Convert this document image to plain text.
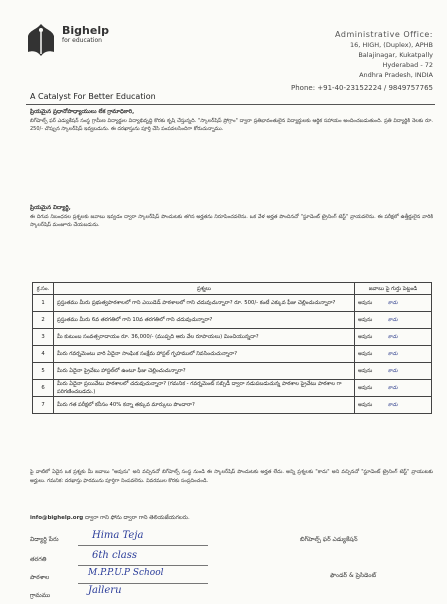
Bighelp
for education
Administrative Office:
16, HIGH, (Duplex), APHB
Balajinagar, Kukatpally
Hyderabad - 72
Andhra Pradesh, INDIA
Phone: +91-40-23152224 / 9849757765
A Catalyst For Better Education
ప్రియమైన ప్రధానోపాధ్యాయులు లేక గ్రామాధికారి,
బిగ్‌హెల్ప్ ఫర్ ఎడ్యుకేషన్ సంస్థ గ్రామీణ విద్యార్థుల విద్యాభివృద్ధి కొరకు కృషి చేస్తున్నది. "స్కాలర్‌షిప్ ప్రోగ్రాం" ద్వారా ప్రతిభావంతులైన విద్యార్థులకు ఆర్థిక సహాయం అందించబడుతుంది. ప్రతి విద్యార్థికి నెలకు రూ. 250/- చొప్పున స్కాలర్‌షిప్ ఇవ్వబడును. ఈ దరఖాస్తును పూర్తి చేసి పంపవలసిందిగా కోరుచున్నాము.
ప్రియమైన విద్యార్థి,
ఈ దిగువ నిబంధనల ప్రశ్నలకు జవాబు ఇవ్వడం ద్వారా స్కాలర్‌షిప్ పొందుటకు తగిన అర్హతను నిరూపించవలెను. ఒక వేళ అర్హత పొందినచో "స్టూడెంట్ ట్రైనింగ్ టెస్ట్" వ్రాయవలెను. ఈ పరీక్షలో ఉత్తీర్ణులైన వారికి స్కాలర్‌షిప్ మంజూరు చేయబడును.
క్ర.సం.	ప్రశ్నలు	జవాబు పై గుర్తు పెట్టండి
1	ప్రస్తుతము మీరు ప్రభుత్వపాఠశాలలో గాని ఎయిడెడ్ పాఠశాలలో గాని చదువుచున్నారా? రూ. 500/- కంటే ఎక్కువ ఫీజు చెల్లించుచున్నారా?	అవును కాదు
2	ప్రస్తుతము మీరు 6వ తరగతిలో గాని 10వ తరగతిలో గాని చదువుచున్నారా?	అవును కాదు
3	మీ కుటుంబ సంవత్సరాదాయం రూ. 36,000/- (ముప్పది ఆరు వేల రూపాయలు) మించియున్నదా?	అవును కాదు
4	మీరు గవర్నమెంటు వారి ఏదైనా సాంఘిక సంక్షేమ హాస్టల్ గృహములో నివసించుచున్నారా?	అవును కాదు
5	మీరు ఏదైనా ప్రైవేటు హాస్టల్‌లో ఉంటూ ఫీజు చెల్లించుచున్నారా?	అవును కాదు
6	మీరు ఏదైనా ప్రయివేటు పాఠశాలలో చదువుచున్నారా? (గమనిక - గవర్నమెంట్ సబ్సిడీ ద్వారా నడుపబడుచున్న పాఠశాల ప్రైవేటు పాఠశాల గా పరిగణించబడదు.)	అవును కాదు
7	మీరు గత పరీక్షలో కనీసం 40% కన్నా తక్కువ మార్కులు పొందారా?	అవును కాదు
పై వాటిలో ఏదైన ఒక ప్రశ్నకు మీ జవాబు "అవును" అని వచ్చినచో బిగ్‌హెల్ప్ సంస్థ నుండి ఈ స్కాలర్‌షిప్ పొందుటకు అర్హత లేదు. అన్ని ప్రశ్నలకు "కాదు" అని వచ్చినచో "స్టూడెంట్ ట్రైనింగ్ టెస్ట్" వ్రాయుటకు అర్హులు. గమనిక: దరఖాస్తు ఫారమును పూర్తిగా నింపవలెను. వివరముల కొరకు సంప్రదించండి.
info@bighelp.org ద్వారా గాని ఫోను ద్వారా గాని తెలియజేయగలరు.
విద్యార్థి పేరు	Hima Teja
తరగతి	6th class
పాఠశాల	M.P.P.U.P School
గ్రామము	Jalleru
బిగ్‌హెల్ప్ ఫర్ ఎడ్యుకేషన్
ఫౌండర్ & ప్రెసిడెంట్
